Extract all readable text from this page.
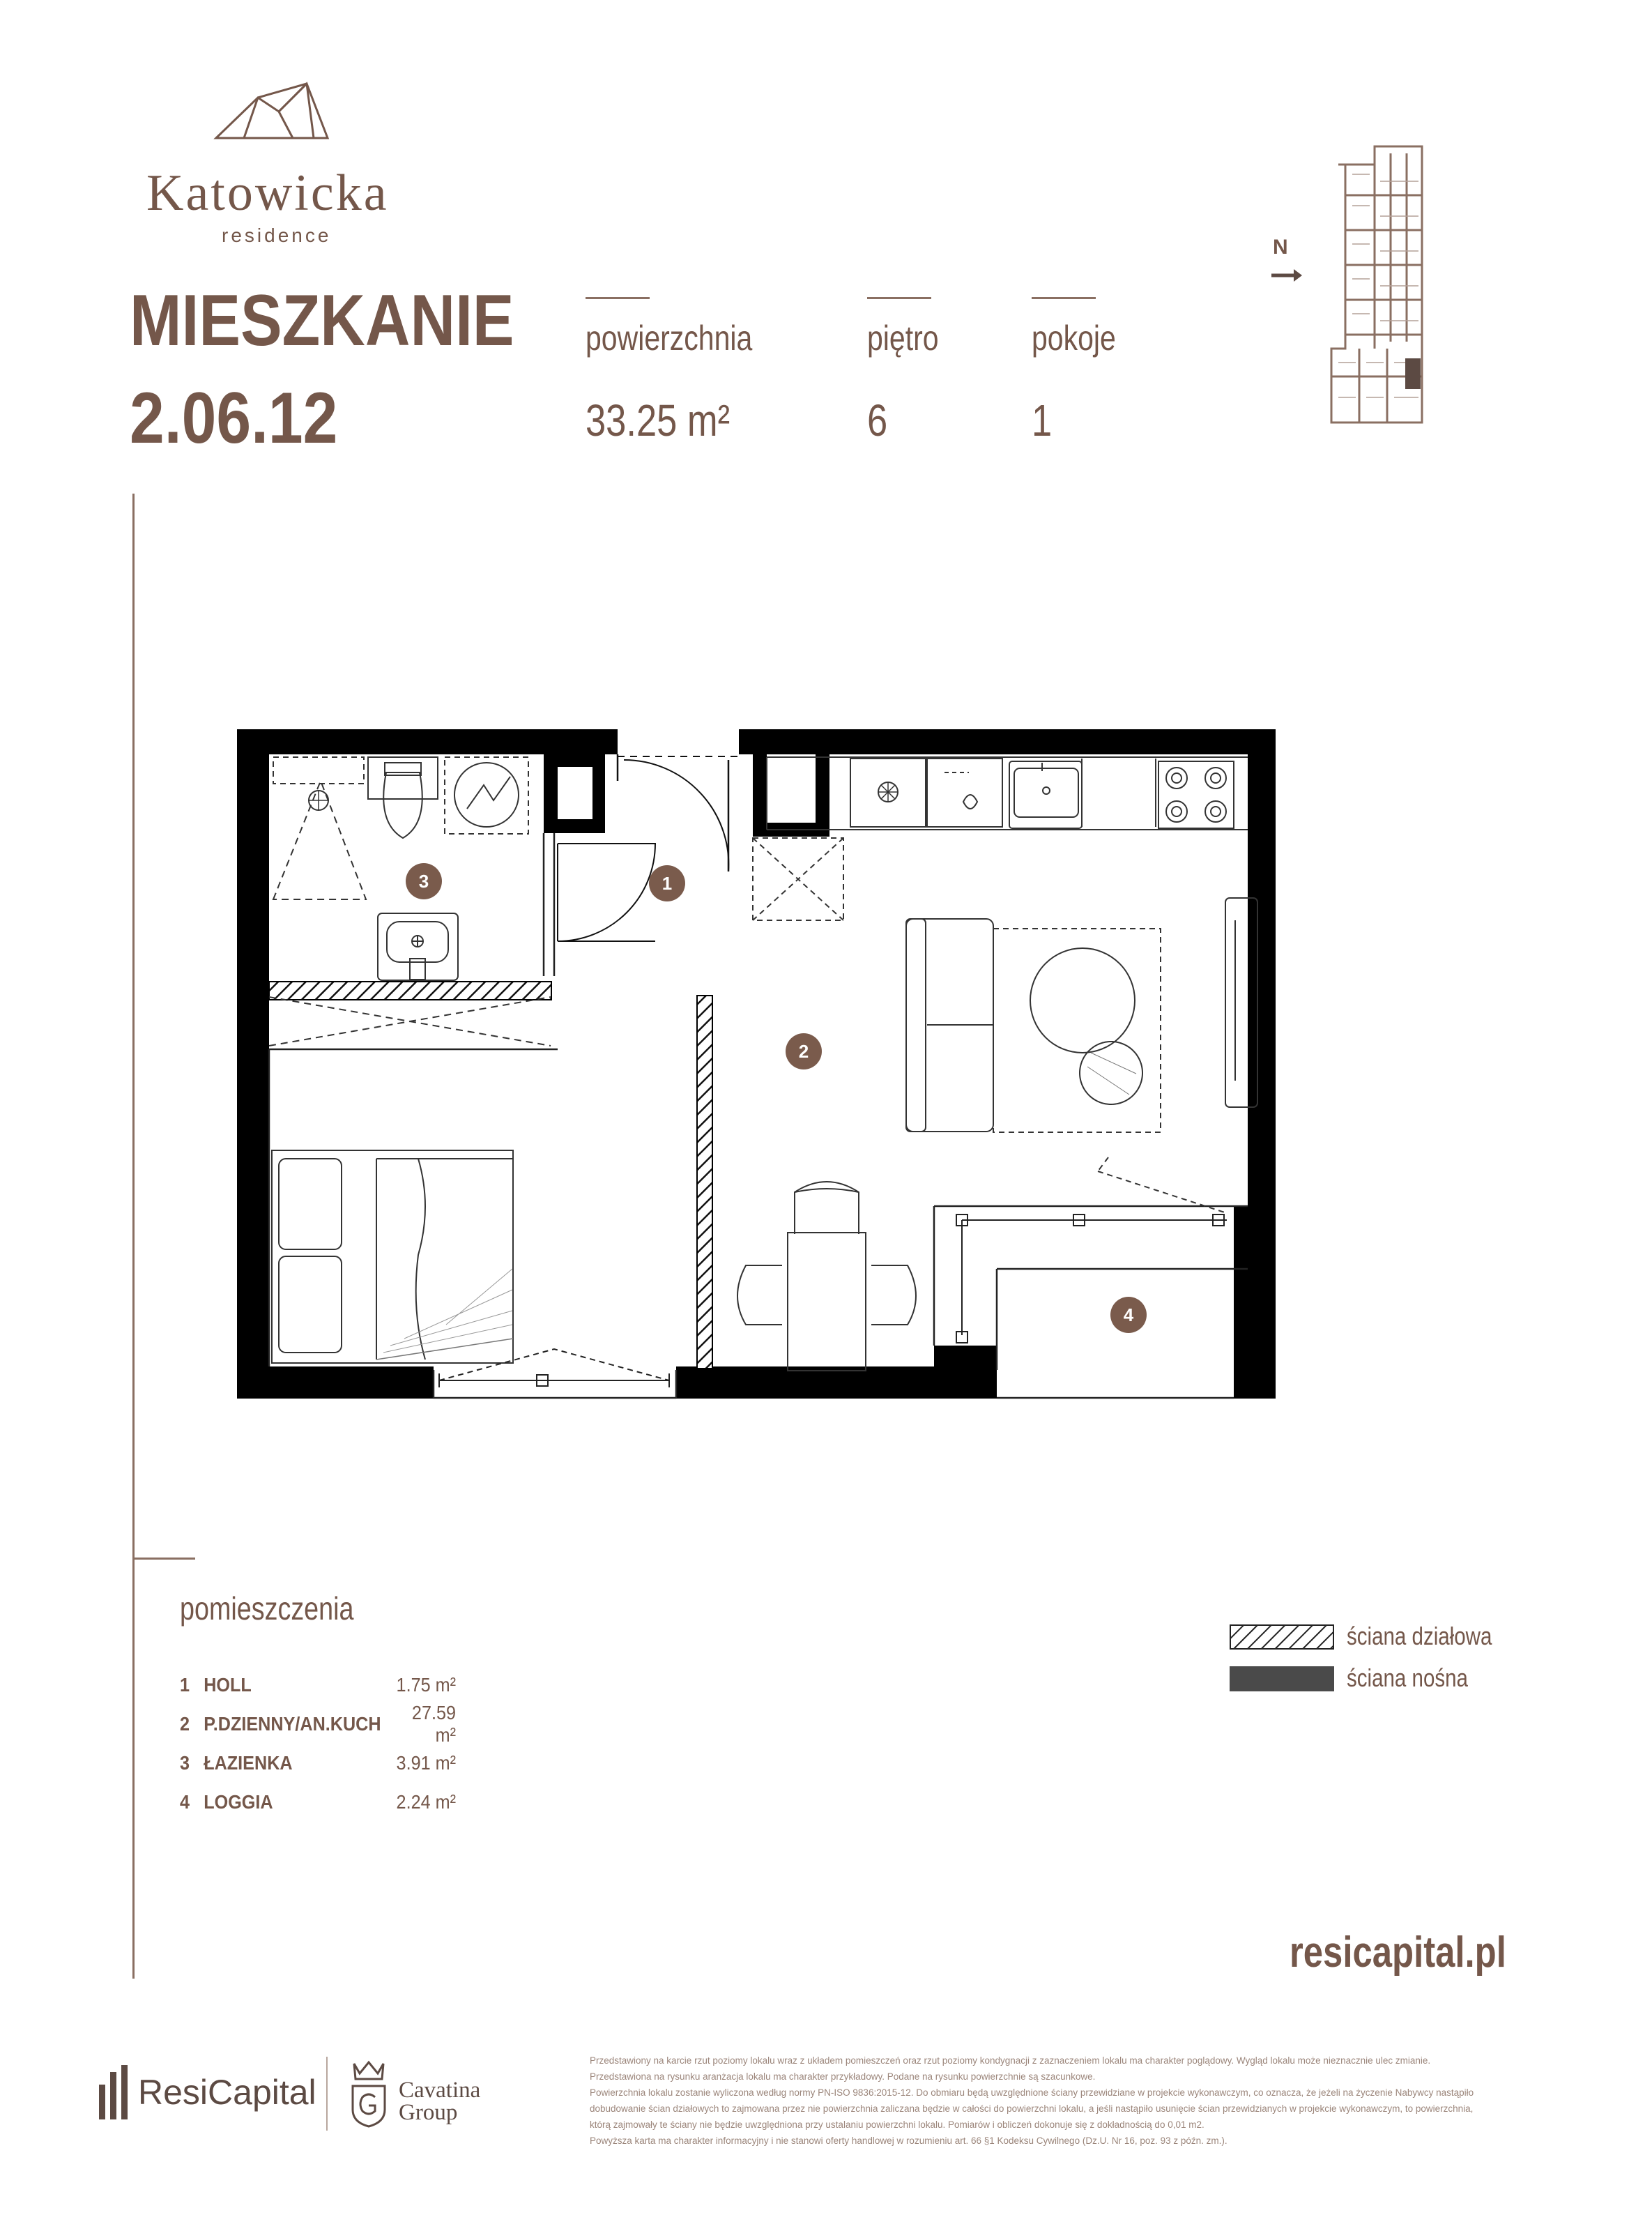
Katowicka
residence
MIESZKANIE
2.06.12
powierzchnia
33.25 m²
piętro
6
pokoje
1
N
1
2
3
4
pomieszczenia
1 HOLL	1.75 m²
2 P.DZIENNY/AN.KUCH
27.59 m²
3 ŁAZIENKA	3.91 m²
4 LOGGIA	2.24 m²
ściana działowa
ściana nośna
resicapital.pl
ResiCapital	Cavatina
Group
Przedstawiony na karcie rzut poziomy lokalu wraz z układem pomieszczeń oraz rzut poziomy kondygnacji z zaznaczeniem lokalu ma charakter poglądowy. Wygląd lokalu może nieznacznie ulec zmianie.
Przedstawiona na rysunku aranżacja lokalu ma charakter przykładowy. Podane na rysunku powierzchnie są szacunkowe.
Powierzchnia lokalu zostanie wyliczona według normy PN-ISO 9836:2015-12. Do obmiaru będą uwzględnione ściany przewidziane w projekcie wykonawczym, co oznacza, że jeżeli na życzenie Nabywcy nastąpiło dobudowanie ścian działowych to zajmowana przez nie powierzchnia zaliczana będzie w całości do powierzchni lokalu, a jeśli nastąpiło usunięcie ścian przewidzianych w projekcie wykonawczym, to powierzchnia, którą zajmowały te ściany nie będzie uwzględniona przy ustalaniu powierzchni lokalu. Pomiarów i obliczeń dokonuje się z dokładnością do 0,01 m2.
Powyższa karta ma charakter informacyjny i nie stanowi oferty handlowej w rozumieniu art. 66 §1 Kodeksu Cywilnego (Dz.U. Nr 16, poz. 93 z późn. zm.).
